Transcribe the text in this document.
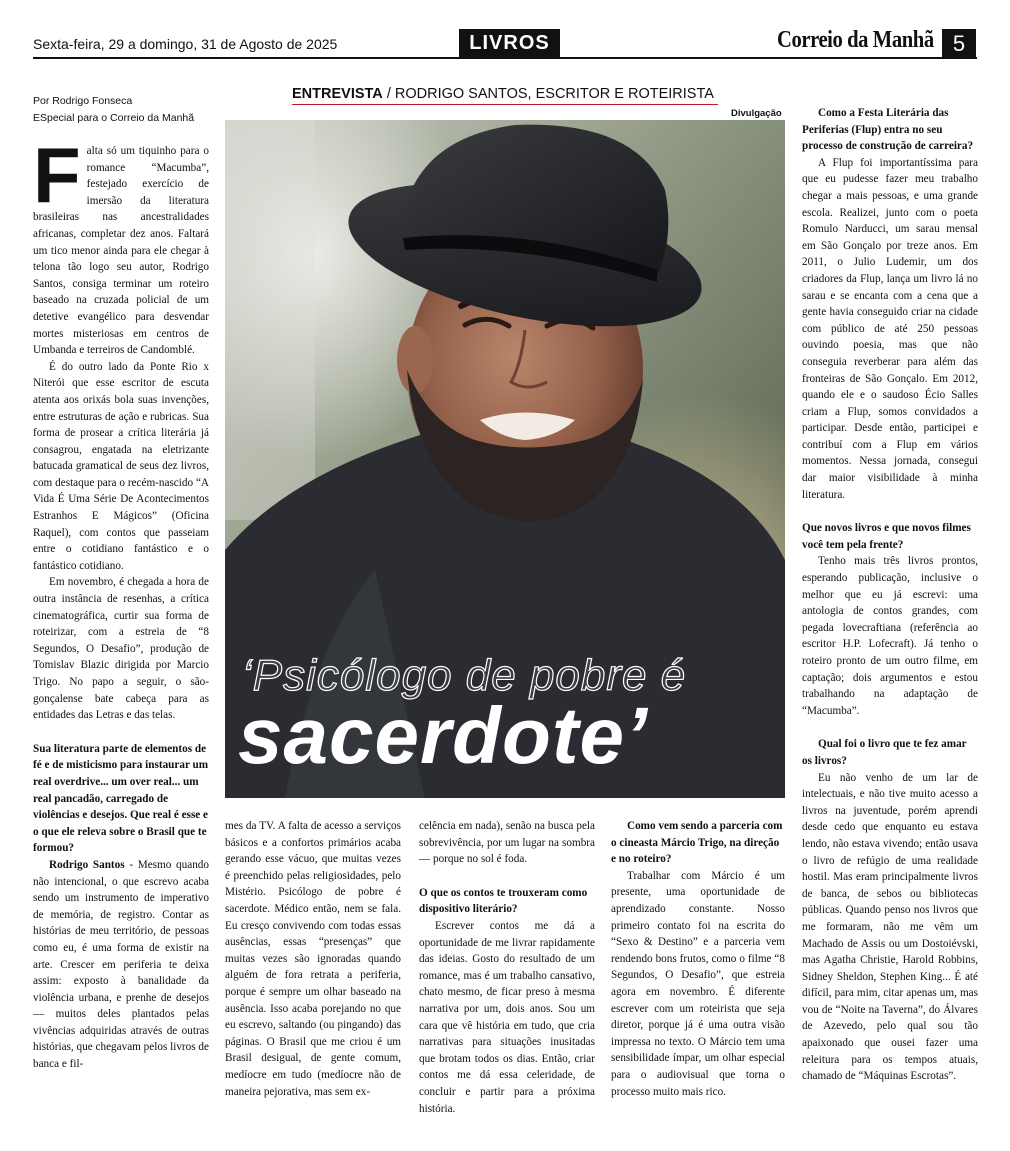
Sexta-feira, 29 a domingo, 31 de Agosto de 2025	LIVROS	Correio da Manhã 5
Por Rodrigo Fonseca
ESpecial para o Correio da Manhã
ENTREVISTA / RODRIGO SANTOS, ESCRITOR E ROTEIRISTA
Divulgação
‘Psicólogo de pobre é
sacerdote’
F alta só um tiquinho para o romance “Macumba”, festejado exercício de imersão da literatura brasileiras nas ancestralidades africanas, completar dez anos. Faltará um tico menor ainda para ele chegar à telona tão logo seu autor, Rodrigo Santos, consiga terminar um roteiro baseado na cruzada policial de um detetive evangélico para desvendar mortes misteriosas em centros de Umbanda e terreiros de Candomblé.

É do outro lado da Ponte Rio x Niterói que esse escritor de escuta atenta aos orixás bola suas invenções, entre estruturas de ação e rubricas. Sua forma de prosear a crítica literária já consagrou, engatada na eletrizante batucada gramatical de seus dez livros, com destaque para o recém-nascido “A Vida É Uma Série De Acontecimentos Estranhos E Mágicos” (Oficina Raquel), com contos que passeiam entre o cotidiano fantástico e o fantástico cotidiano.

Em novembro, é chegada a hora de outra instância de resenhas, a crítica cinematográfica, curtir sua forma de roteirizar, com a estreia de “8 Segundos, O Desafio”, produção de Tomislav Blazic dirigida por Marcio Trigo. No papo a seguir, o são-gonçalense bate cabeça para as entidades das Letras e das telas.

Sua literatura parte de elementos de fé e de misticismo para instaurar um real overdrive... um over real... um real pancadão, carregado de violências e desejos. Que real é esse e o que ele releva sobre o Brasil que te formou?

Rodrigo Santos - Mesmo quando não intencional, o que escrevo acaba sendo um instrumento de imperativo de memória, de registro. Contar as histórias de meu território, de pessoas como eu, é uma forma de existir na arte. Crescer em periferia te deixa assim: exposto à banalidade da violência urbana, e prenhe de desejos — muitos deles plantados pelas vivências adquiridas através de outras histórias, que chegavam pelos livros de banca e fil-

mes da TV. A falta de acesso a serviços básicos e a confortos primários acaba gerando esse vácuo, que muitas vezes é preenchido pelas religiosidades, pelo Mistério. Psicólogo de pobre é sacerdote. Médico então, nem se fala. Eu cresço convivendo com todas essas ausências, essas “presenças” que muitas vezes são ignoradas quando alguém de fora retrata a periferia, porque é sempre um olhar baseado na ausência. Isso acaba porejando no que eu escrevo, saltando (ou pingando) das páginas. O Brasil que me criou é um Brasil desigual, de gente comum, medíocre em tudo (medíocre não de maneira pejorativa, mas sem ex-

celência em nada), senão na busca pela sobrevivência, por um lugar na sombra — porque no sol é foda.

O que os contos te trouxeram como dispositivo literário?

Escrever contos me dá a oportunidade de me livrar rapidamente das ideias. Gosto do resultado de um romance, mas é um trabalho cansativo, chato mesmo, de ficar preso à mesma narrativa por um, dois anos. Sou um cara que vê história em tudo, que cria narrativas para situações inusitadas que brotam todos os dias. Então, criar contos me dá essa celeridade, de concluir e partir para a próxima história.

Como vem sendo a parceria com o cineasta Márcio Trigo, na direção e no roteiro?

Trabalhar com Márcio é um presente, uma oportunidade de aprendizado constante. Nosso primeiro contato foi na escrita do “Sexo & Destino” e a parceria vem rendendo bons frutos, como o filme “8 Segundos, O Desafio”, que estreia agora em novembro. É diferente escrever com um roteirista que seja diretor, porque já é uma outra visão impressa no texto. O Márcio tem uma sensibilidade ímpar, um olhar especial para o audiovisual que torna o processo muito mais rico.

Como a Festa Literária das Periferias (Flup) entra no seu processo de construção de carreira?

A Flup foi importantíssima para que eu pudesse fazer meu trabalho chegar a mais pessoas, e uma grande escola. Realizei, junto com o poeta Romulo Narducci, um sarau mensal em São Gonçalo por treze anos. Em 2011, o Julio Ludemir, um dos criadores da Flup, lança um livro lá no sarau e se encanta com a cena que a gente havia conseguido criar na cidade com público de até 250 pessoas ouvindo poesia, mas que não conseguia reverberar para além das fronteiras de São Gonçalo. Em 2012, quando ele e o saudoso Écio Salles criam a Flup, somos convidados a participar. Desde então, participei e contribuí com a Flup em vários momentos. Nessa jornada, consegui dar maior visibilidade à minha literatura.

Que novos livros e que novos filmes você tem pela frente?

Tenho mais três livros prontos, esperando publicação, inclusive o melhor que eu já escrevi: uma antologia de contos grandes, com pegada lovecraftiana (referência ao escritor H.P. Lofecraft). Já tenho o roteiro pronto de um outro filme, em captação; dois argumentos e estou trabalhando na adaptação de “Macumba”.

Qual foi o livro que te fez amar os livros?

Eu não venho de um lar de intelectuais, e não tive muito acesso a livros na juventude, porém aprendi desde cedo que enquanto eu estava lendo, não estava vivendo; então usava o livro de refúgio de uma realidade hostil. Mas eram principalmente livros de banca, de sebos ou bibliotecas públicas. Quando penso nos livros que me formaram, não me vêm um Machado de Assis ou um Dostoiévski, mas Agatha Christie, Harold Robbins, Sidney Sheldon, Stephen King... É até difícil, para mim, citar apenas um, mas vou de “Noite na Taverna”, do Álvares de Azevedo, pelo qual sou tão apaixonado que ousei fazer uma releitura para os tempos atuais, chamado de “Máquinas Escrotas”.
